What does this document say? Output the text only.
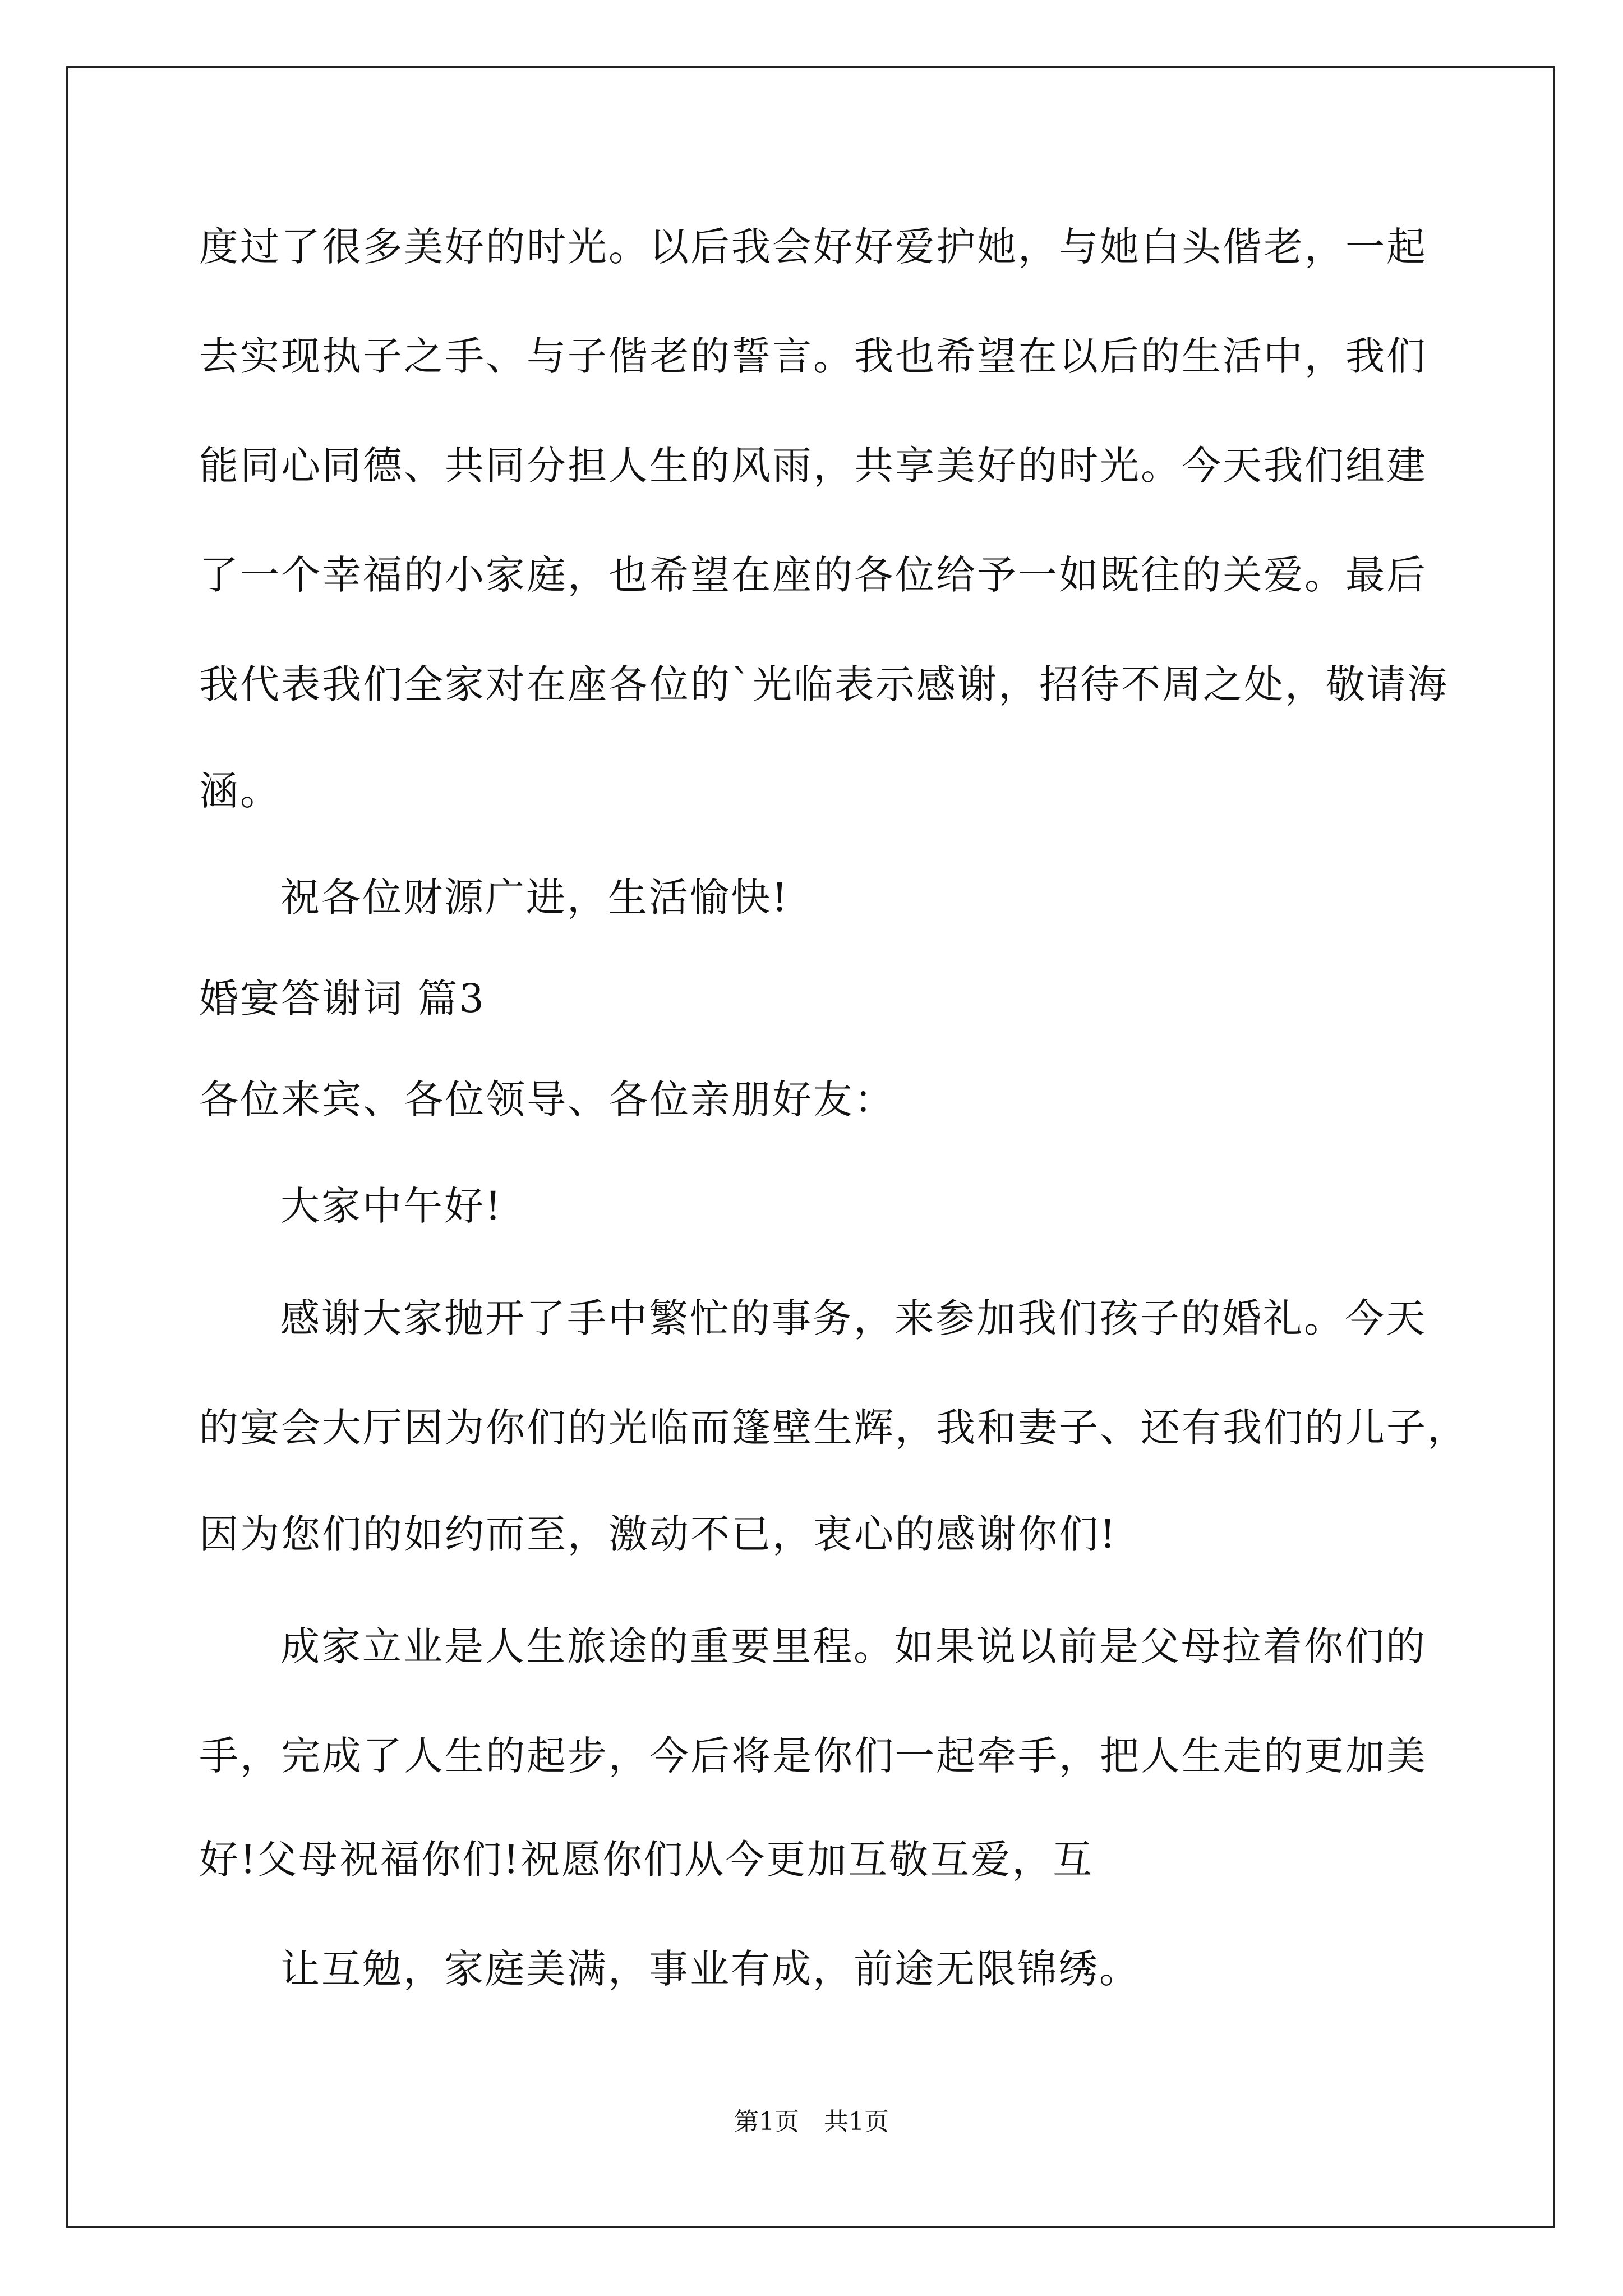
度过了很多美好的时光。以后我会好好爱护她，与她白头偕老，一起
去实现执子之手、与子偕老的誓言。我也希望在以后的生活中，我们
能同心同德、共同分担人生的风雨，共享美好的时光。今天我们组建
了一个幸福的小家庭，也希望在座的各位给予一如既往的关爱。最后
我代表我们全家对在座各位的`光临表示感谢，招待不周之处，敬请海
涵。
祝各位财源广进，生活愉快!
婚宴答谢词 篇3
各位来宾、各位领导、各位亲朋好友：
大家中午好!
感谢大家抛开了手中繁忙的事务，来参加我们孩子的婚礼。今天
的宴会大厅因为你们的光临而篷壁生辉，我和妻子、还有我们的儿子，
因为您们的如约而至，激动不已，衷心的感谢你们!
成家立业是人生旅途的重要里程。如果说以前是父母拉着你们的
手，完成了人生的起步，今后将是你们一起牵手，把人生走的更加美
好!父母祝福你们!祝愿你们从今更加互敬互爱，互
让互勉，家庭美满，事业有成，前途无限锦绣。
第1页　共1页
